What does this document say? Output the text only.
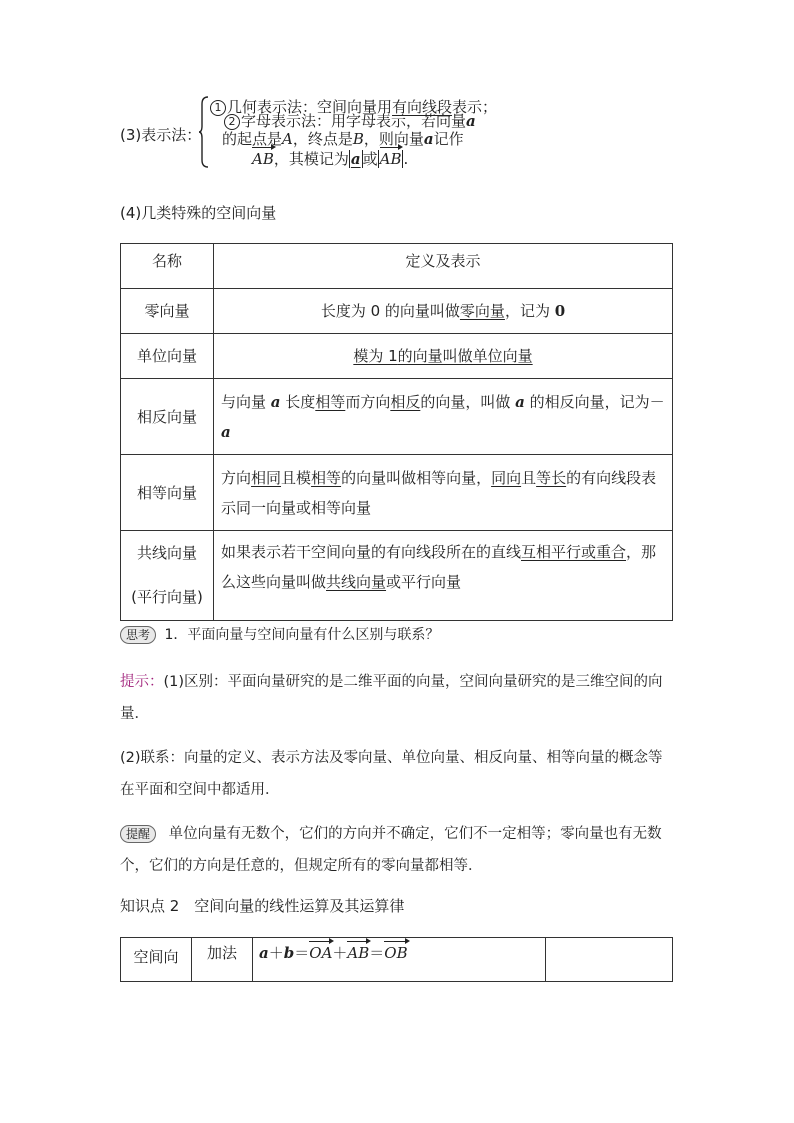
(3)表示法：
1 几何表示法：空间向量用有向线段表示；
2 字母表示法：用字母表示，若向量a
的起点是A，终点是B，则向量a记作
AB，其模记为 a 或 AB .
(4)几类特殊的空间向量
名称	定义及表示
零向量	长度为 0 的向量叫做零向量，记为 0
单位向量	模为 1的向量叫做单位向量
相反向量	与向量 a 长度相等而方向相反的向量，叫做 a 的相反向量，记为－a
相等向量	方向相同且模相等的向量叫做相等向量，同向且等长的有向线段表示同一向量或相等向量

共线向量
(平行向量)	如果表示若干空间向量的有向线段所在的直线互相平行或重合，那么这些向量叫做共线向量或平行向量
思考 1．平面向量与空间向量有什么区别与联系？
提示：(1)区别：平面向量研究的是二维平面的向量，空间向量研究的是三维空间的向量．
(2)联系：向量的定义、表示方法及零向量、单位向量、相反向量、相等向量的概念等在平面和空间中都适用．
提醒 单位向量有无数个，它们的方向并不确定，它们不一定相等；零向量也有无数个，它们的方向是任意的，但规定所有的零向量都相等．
知识点 2　空间向量的线性运算及其运算律
空间向	加法	a＋b＝OA＋AB＝OB	
